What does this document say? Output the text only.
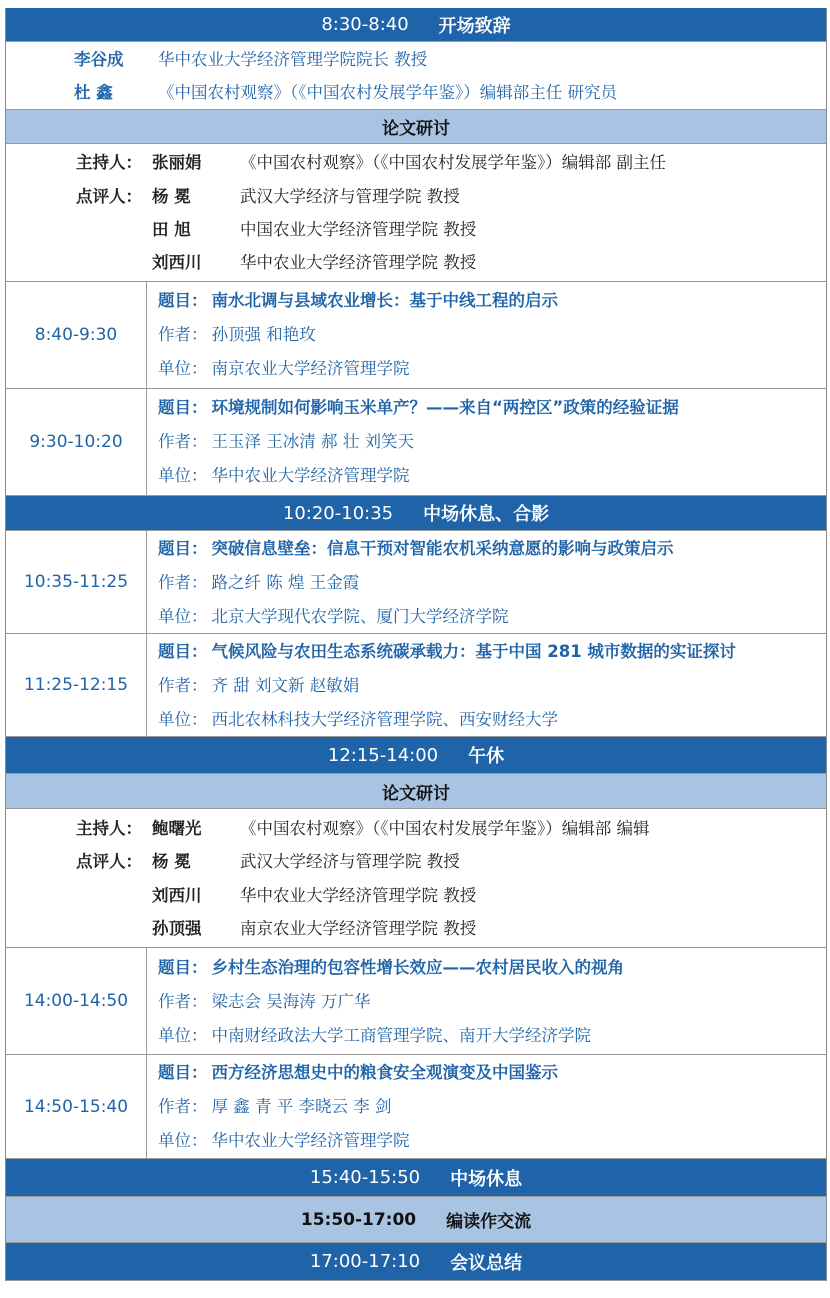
8:30-8:40 开场致辞
李谷成 华中农业大学经济管理学院院长 教授
杜 鑫	《中国农村观察》（《中国农村发展学年鉴》）编辑部主任 研究员
论文研讨
主持人： 张丽娟 《中国农村观察》（《中国农村发展学年鉴》）编辑部 副主任
点评人： 杨 冕	武汉大学经济与管理学院 教授
田 旭	中国农业大学经济管理学院 教授
刘西川 华中农业大学经济管理学院 教授
8:40-9:30
题目： 南水北调与县域农业增长：基于中线工程的启示
作者： 孙顶强 和艳玫
单位： 南京农业大学经济管理学院
9:30-10:20
题目： 环境规制如何影响玉米单产？——来自“两控区”政策的经验证据
作者： 王玉泽 王冰清 郝 壮 刘笑天
单位： 华中农业大学经济管理学院
10:20-10:35 中场休息、合影
10:35-11:25
题目： 突破信息壁垒：信息干预对智能农机采纳意愿的影响与政策启示
作者： 路之纤 陈 煌 王金霞
单位： 北京大学现代农学院、厦门大学经济学院
11:25-12:15
题目： 气候风险与农田生态系统碳承载力：基于中国 281 城市数据的实证探讨
作者： 齐 甜 刘文新 赵敏娟
单位： 西北农林科技大学经济管理学院、西安财经大学
12:15-14:00 午休
论文研讨
主持人： 鲍曙光 《中国农村观察》（《中国农村发展学年鉴》）编辑部 编辑
点评人： 杨 冕	武汉大学经济与管理学院 教授
刘西川 华中农业大学经济管理学院 教授
孙顶强 南京农业大学经济管理学院 教授
14:00-14:50
题目： 乡村生态治理的包容性增长效应——农村居民收入的视角
作者： 梁志会 吴海涛 万广华
单位： 中南财经政法大学工商管理学院、南开大学经济学院
14:50-15:40
题目： 西方经济思想史中的粮食安全观演变及中国鉴示
作者： 厚 鑫 青 平 李晓云 李 剑
单位： 华中农业大学经济管理学院
15:40-15:50 中场休息
15:50-17:00 编读作交流
17:00-17:10 会议总结
